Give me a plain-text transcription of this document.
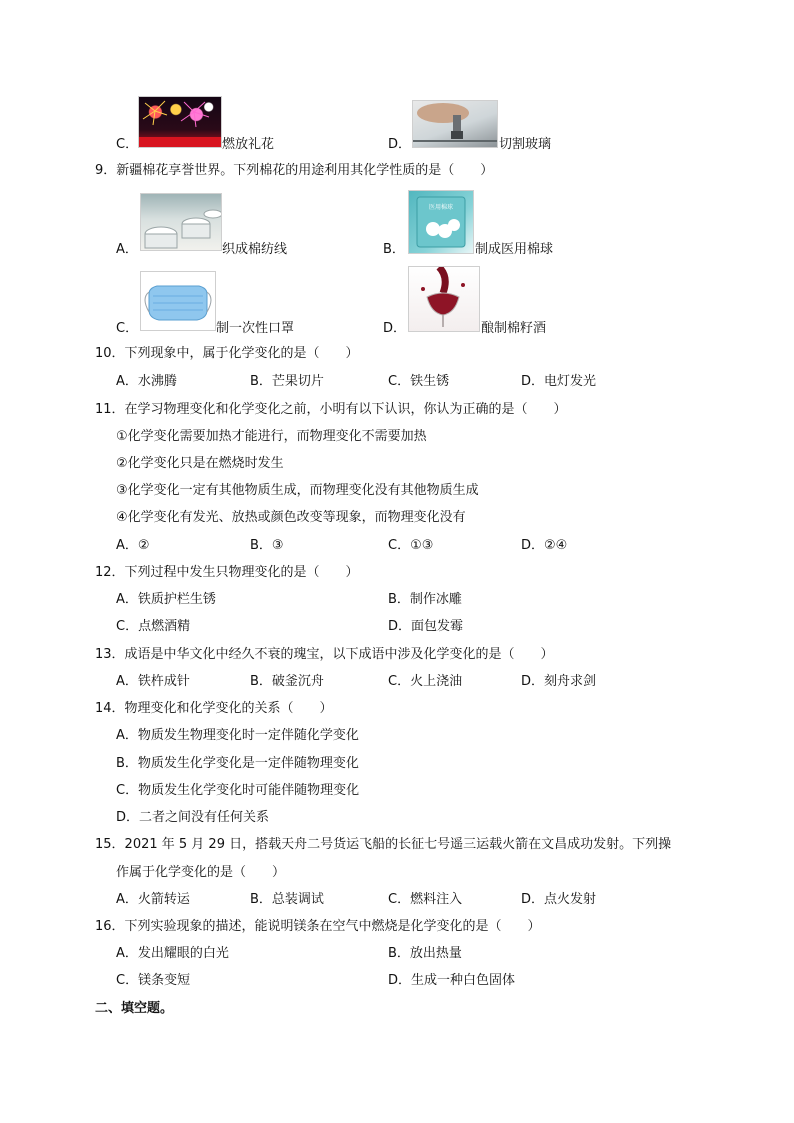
C．	燃放礼花	D．	切割玻璃
9．新疆棉花享誉世界。下列棉花的用途利用其化学性质的是（　　）
A．	织成棉纺线	B．
医用棉球
制成医用棉球
C．	制一次性口罩	D．	酿制棉籽酒
10．下列现象中，属于化学变化的是（　　）
A．水沸腾	B．芒果切片	C．铁生锈	D．电灯发光
11．在学习物理变化和化学变化之前，小明有以下认识，你认为正确的是（　　）
①化学变化需要加热才能进行，而物理变化不需要加热
②化学变化只是在燃烧时发生
③化学变化一定有其他物质生成，而物理变化没有其他物质生成
④化学变化有发光、放热或颜色改变等现象，而物理变化没有
A．②	B．③	C．①③	D．②④
12．下列过程中发生只物理变化的是（　　）
A．铁质护栏生锈	B．制作冰雕
C．点燃酒精	D．面包发霉
13．成语是中华文化中经久不衰的瑰宝，以下成语中涉及化学变化的是（　　）
A．铁杵成针	B．破釜沉舟	C．火上浇油	D．刻舟求剑
14．物理变化和化学变化的关系（　　）
A．物质发生物理变化时一定伴随化学变化
B．物质发生化学变化是一定伴随物理变化
C．物质发生化学变化时可能伴随物理变化
D．二者之间没有任何关系
15．2021 年 5 月 29 日，搭载天舟二号货运飞船的长征七号遥三运载火箭在文昌成功发射。下列操
作属于化学变化的是（　　）
A．火箭转运	B．总装调试	C．燃料注入	D．点火发射
16．下列实验现象的描述，能说明镁条在空气中燃烧是化学变化的是（　　）
A．发出耀眼的白光	B．放出热量
C．镁条变短	D．生成一种白色固体
二、填空题。
